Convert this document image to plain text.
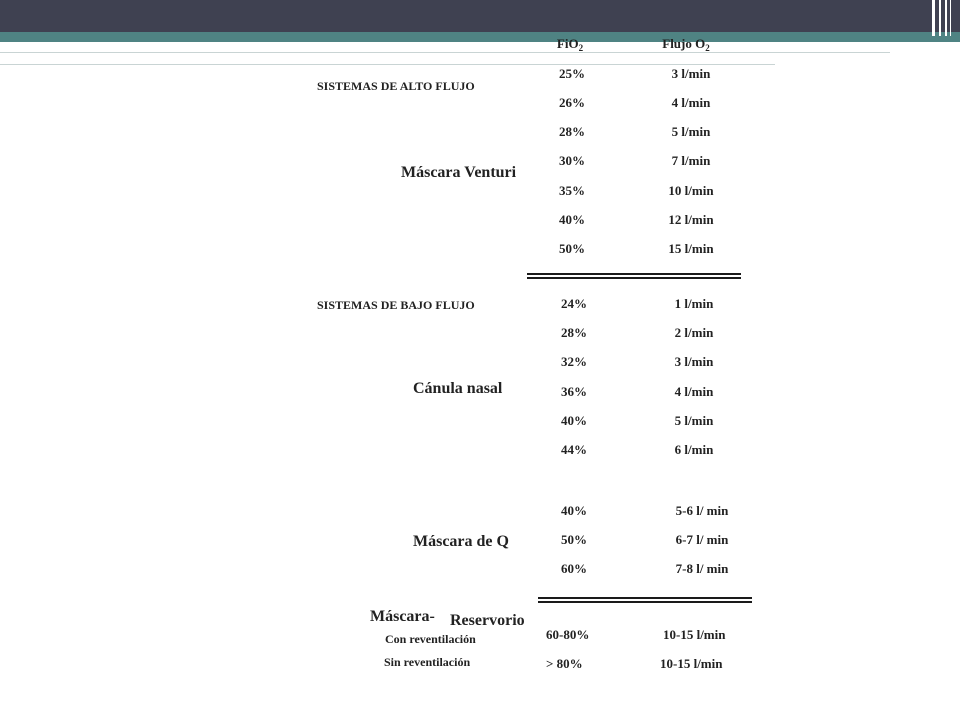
FiO$_2$	Flujo $O_2$
SISTEMAS DE ALTO FLUJO
Máscara Venturi
25%	3 l/min
26%	4 l/min
28%	5 l/min
30%	7 l/min
35%	10 l/min
40%	12 l/min
50%	15 l/min
SISTEMAS DE BAJO FLUJO
Cánula nasal
24%	1 l/min
28%	2 l/min
32%	3 l/min
36%	4 l/min
40%	5 l/min
44%	6 l/min
Máscara de Q
40%	5-6 l/ min
50%	6-7 l/ min
60%	7-8 l/ min
Máscara- Reservorio
Con reventilación	60-80%	10-15 l/min
Sin reventilación	> 80%	10-15 l/min
